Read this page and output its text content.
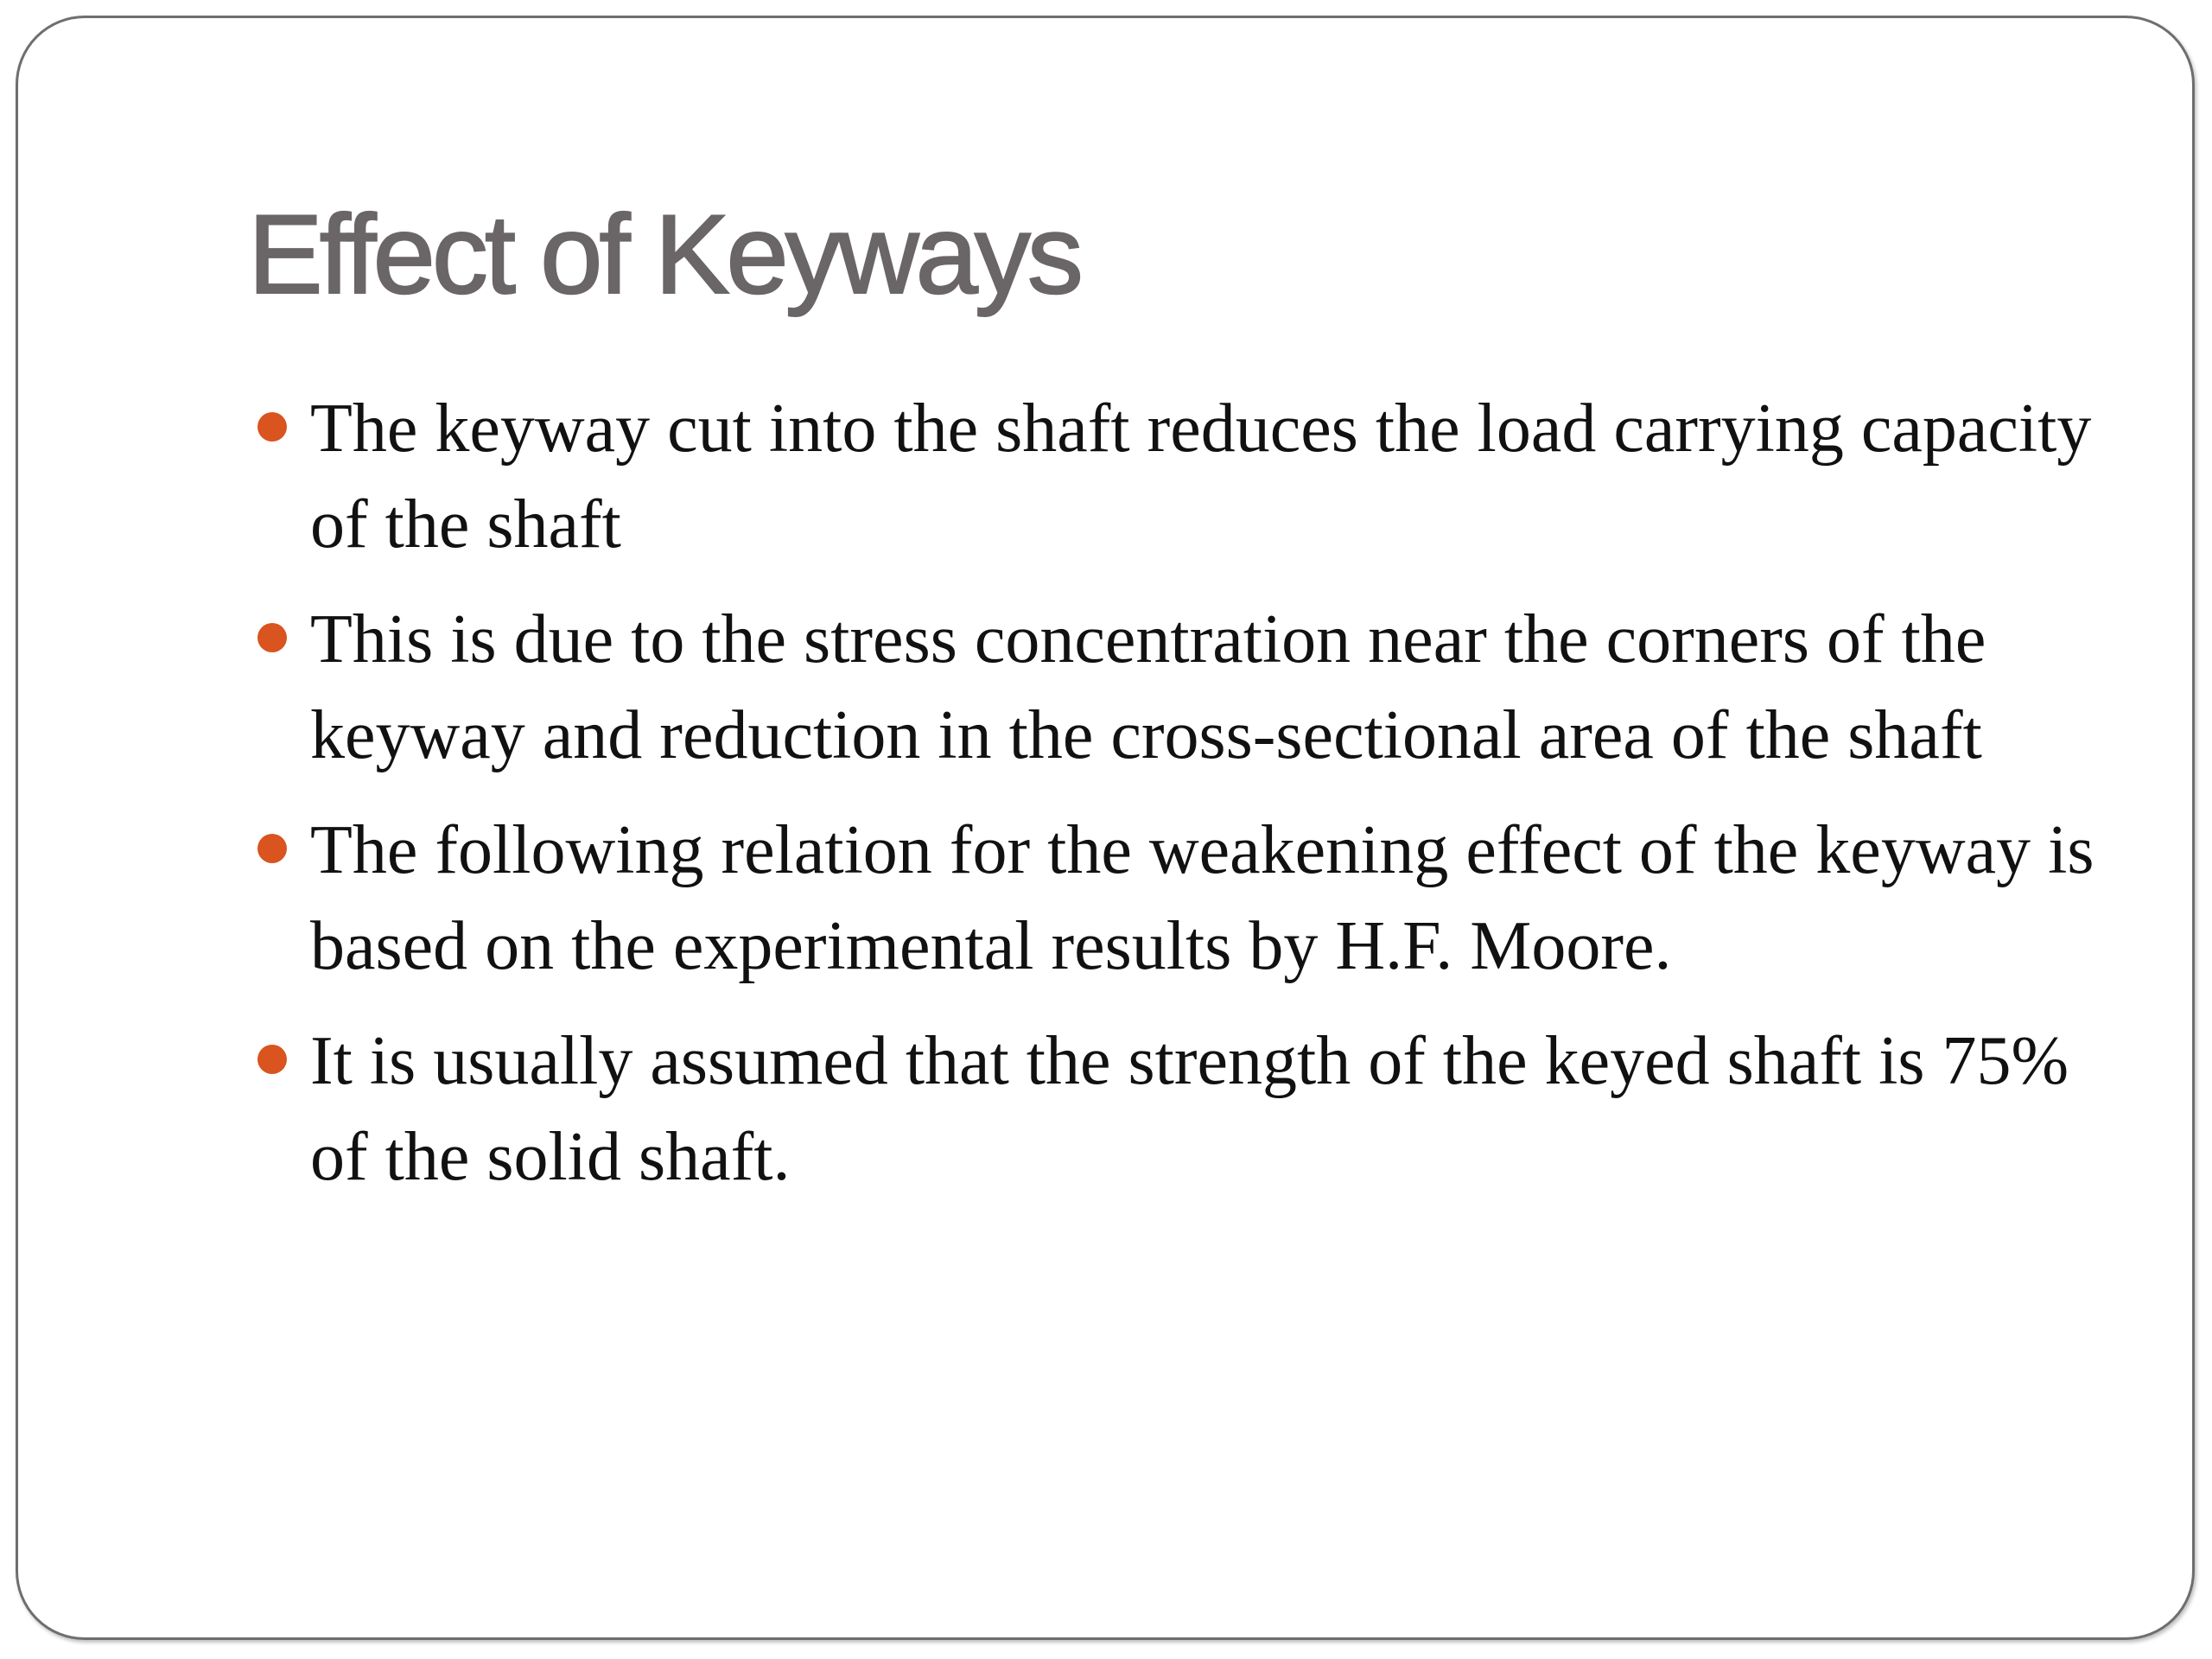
Effect of Keyways
The keyway cut into the shaft reduces the load carrying capacity of the shaft
This is due to the stress concentration near the corners of the keyway and reduction in the cross-sectional area of the shaft
The following relation for the weakening effect of the keyway is based on the experimental results by H.F. Moore.
It is usually assumed that the strength of the keyed shaft is 75% of the solid shaft.
